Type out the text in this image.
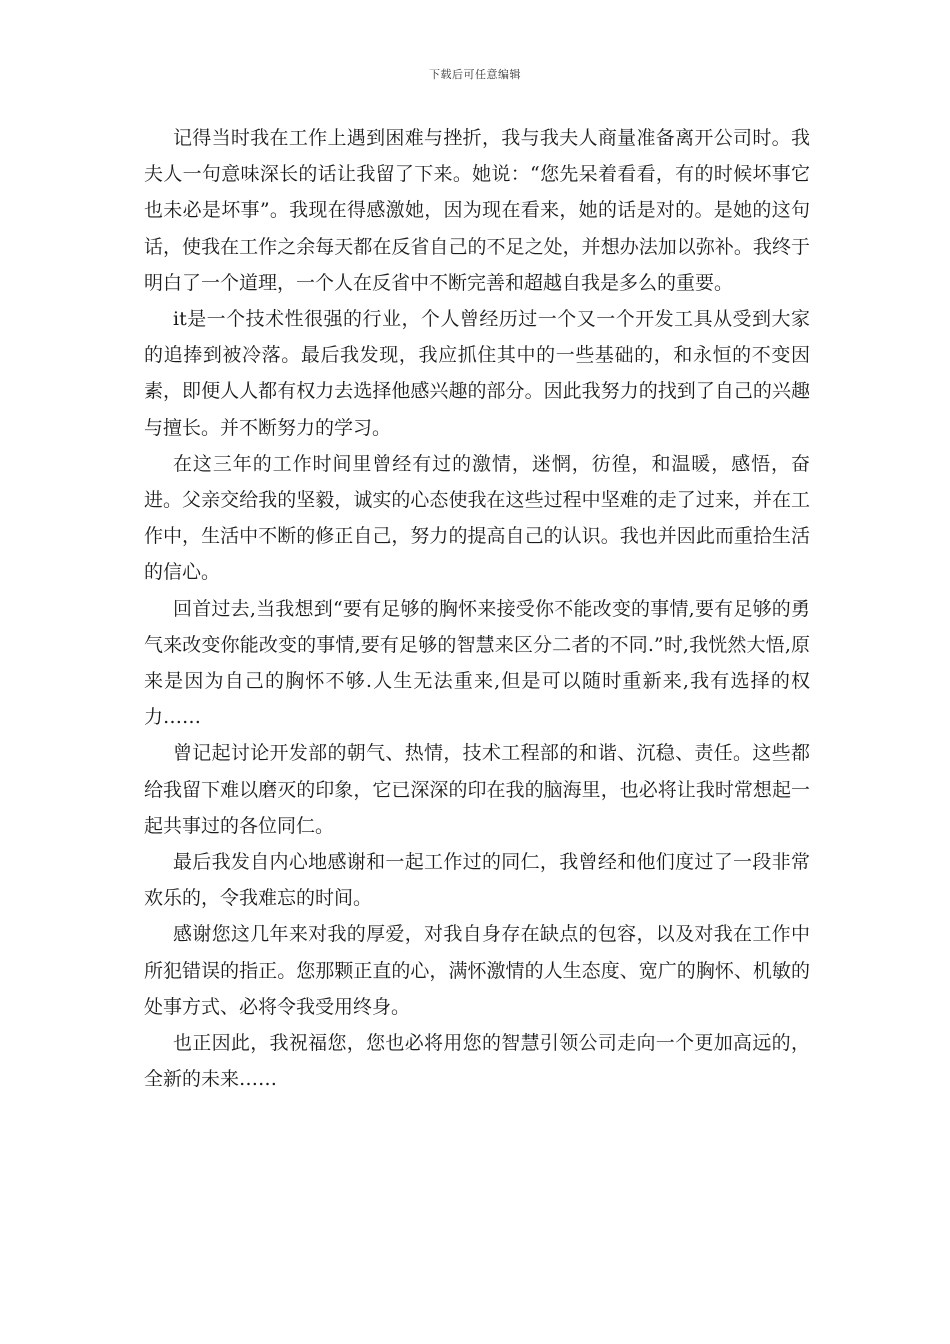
下载后可任意编辑

记得当时我在工作上遇到困难与挫折，我与我夫人商量准备离开公司时。我夫人一句意味深长的话让我留了下来。她说：“您先呆着看看，有的时候坏事它也未必是坏事”。我现在得感激她，因为现在看来，她的话是对的。是她的这句话，使我在工作之余每天都在反省自己的不足之处，并想办法加以弥补。我终于明白了一个道理，一个人在反省中不断完善和超越自我是多么的重要。

it是一个技术性很强的行业，个人曾经历过一个又一个开发工具从受到大家的追捧到被冷落。最后我发现，我应抓住其中的一些基础的，和永恒的不变因素，即便人人都有权力去选择他感兴趣的部分。因此我努力的找到了自己的兴趣与擅长。并不断努力的学习。

在这三年的工作时间里曾经有过的激情，迷惘，彷徨，和温暖，感悟，奋进。父亲交给我的坚毅，诚实的心态使我在这些过程中坚难的走了过来，并在工作中，生活中不断的修正自己，努力的提高自己的认识。我也并因此而重拾生活的信心。

回首过去,当我想到“要有足够的胸怀来接受你不能改变的事情,要有足够的勇气来改变你能改变的事情,要有足够的智慧来区分二者的不同.”时,我恍然大悟,原来是因为自己的胸怀不够.人生无法重来,但是可以随时重新来,我有选择的权力……

曾记起讨论开发部的朝气、热情，技术工程部的和谐、沉稳、责任。这些都给我留下难以磨灭的印象，它已深深的印在我的脑海里，也必将让我时常想起一起共事过的各位同仁。

最后我发自内心地感谢和一起工作过的同仁，我曾经和他们度过了一段非常欢乐的，令我难忘的时间。

感谢您这几年来对我的厚爱，对我自身存在缺点的包容，以及对我在工作中所犯错误的指正。您那颗正直的心，满怀激情的人生态度、宽广的胸怀、机敏的处事方式、必将令我受用终身。

也正因此，我祝福您，您也必将用您的智慧引领公司走向一个更加高远的，全新的未来……
